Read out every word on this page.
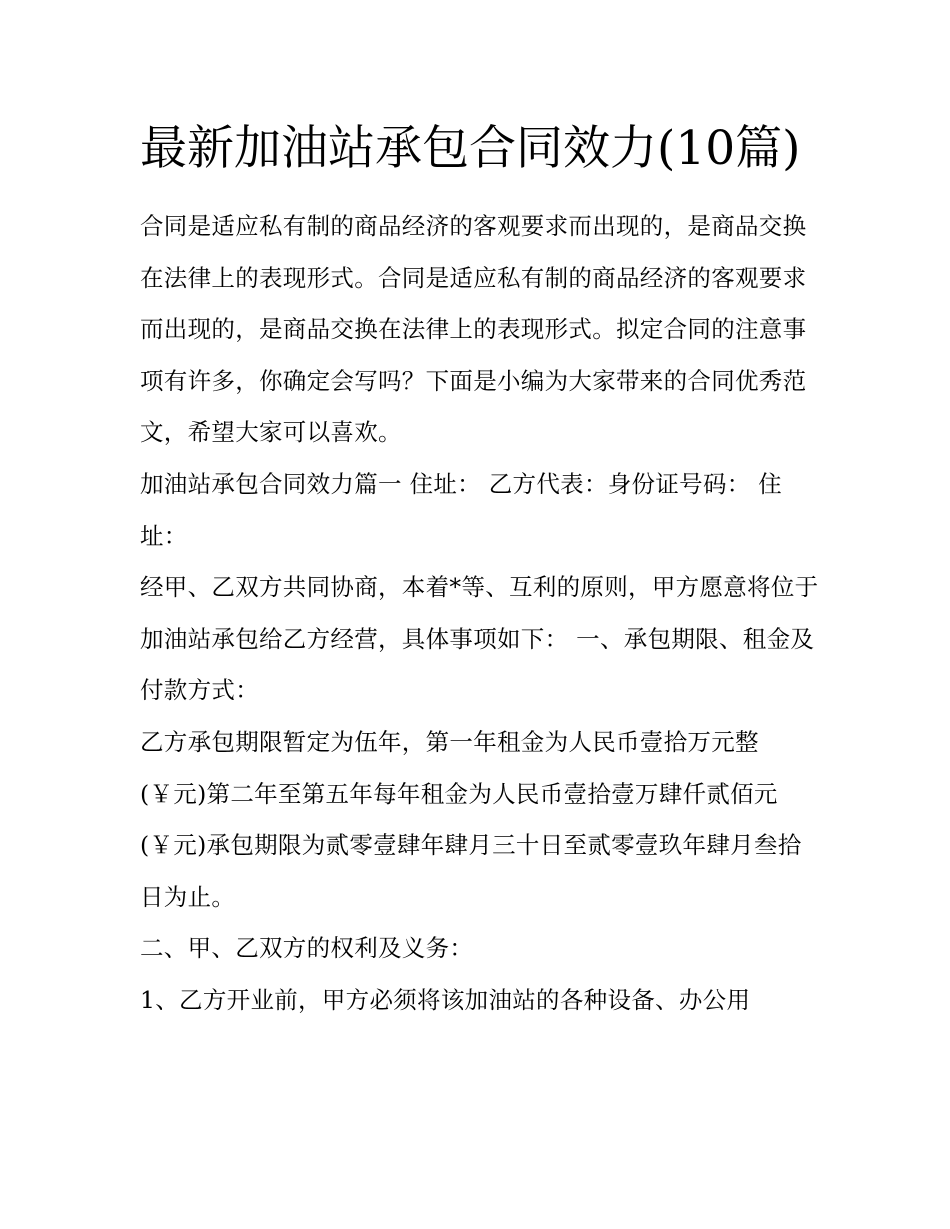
最新加油站承包合同效力(10篇)

合同是适应私有制的商品经济的客观要求而出现的，是商品交换在法律上的表现形式。合同是适应私有制的商品经济的客观要求而出现的，是商品交换在法律上的表现形式。拟定合同的注意事项有许多，你确定会写吗？下面是小编为大家带来的合同优秀范文，希望大家可以喜欢。

加油站承包合同效力篇一 住址： 乙方代表：身份证号码： 住址：

经甲、乙双方共同协商，本着*等、互利的原则，甲方愿意将位于加油站承包给乙方经营，具体事项如下： 一、承包期限、租金及付款方式：

乙方承包期限暂定为伍年，第一年租金为人民币壹拾万元整(￥元)第二年至第五年每年租金为人民币壹拾壹万肆仟贰佰元(￥元)承包期限为贰零壹肆年肆月三十日至贰零壹玖年肆月叁拾日为止。

二、甲、乙双方的权利及义务：

1、乙方开业前，甲方必须将该加油站的各种设备、办公用
